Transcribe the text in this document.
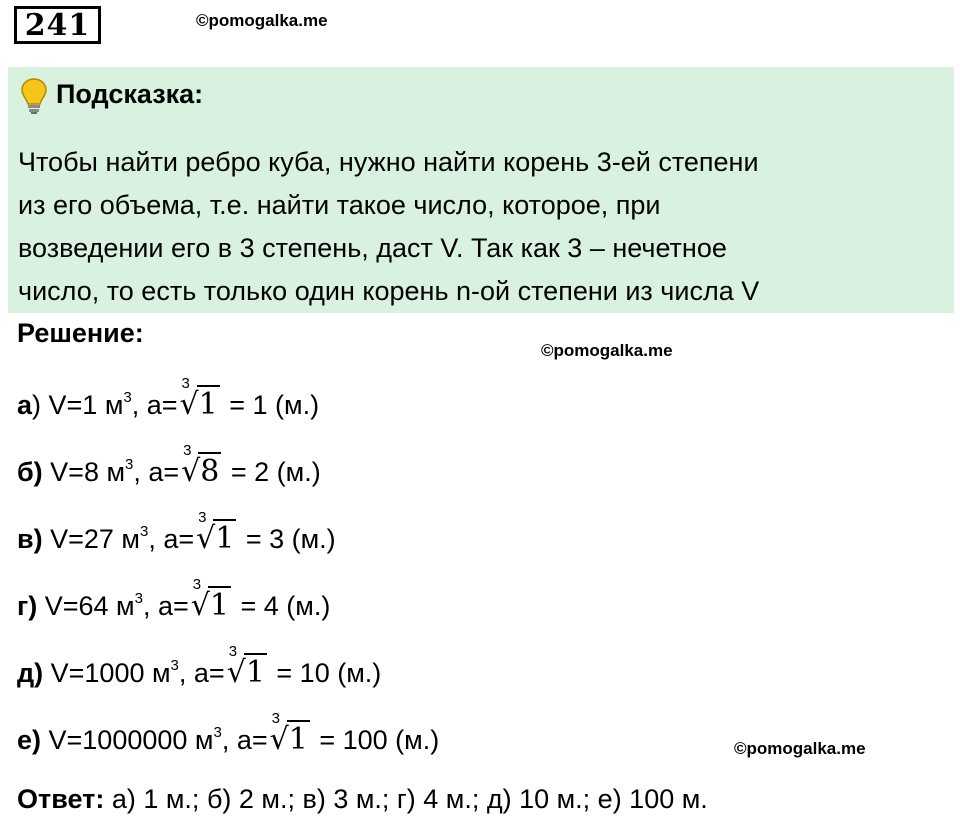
241	©pomogalka.me
Подсказка:
Чтобы найти ребро куба, нужно найти корень 3-ей степени
из его объема, т.е. найти такое число, которое, при
возведении его в 3 степень, даст V. Так как 3 – нечетное
число, то есть только один корень n-ой степени из числа V
Решение:
©pomogalka.me
а) V=1 $м^3$, a=
3
√1 = 1 (м.)
б) V=8 $м^3$, a=
3
√8 = 2 (м.)
в) V=27 $м^3$, a=
3
√1 = 3 (м.)
г) V=64 $м^3$, a=
3
√1 = 4 (м.)
д) V=1000 $м^3$, a=
3
√1 = 10 (м.)
е) V=1000000 $м^3$, a=
3
√1 = 100 (м.)	©pomogalka.me
Ответ: а) 1 м.; б) 2 м.; в) 3 м.; г) 4 м.; д) 10 м.; е) 100 м.
